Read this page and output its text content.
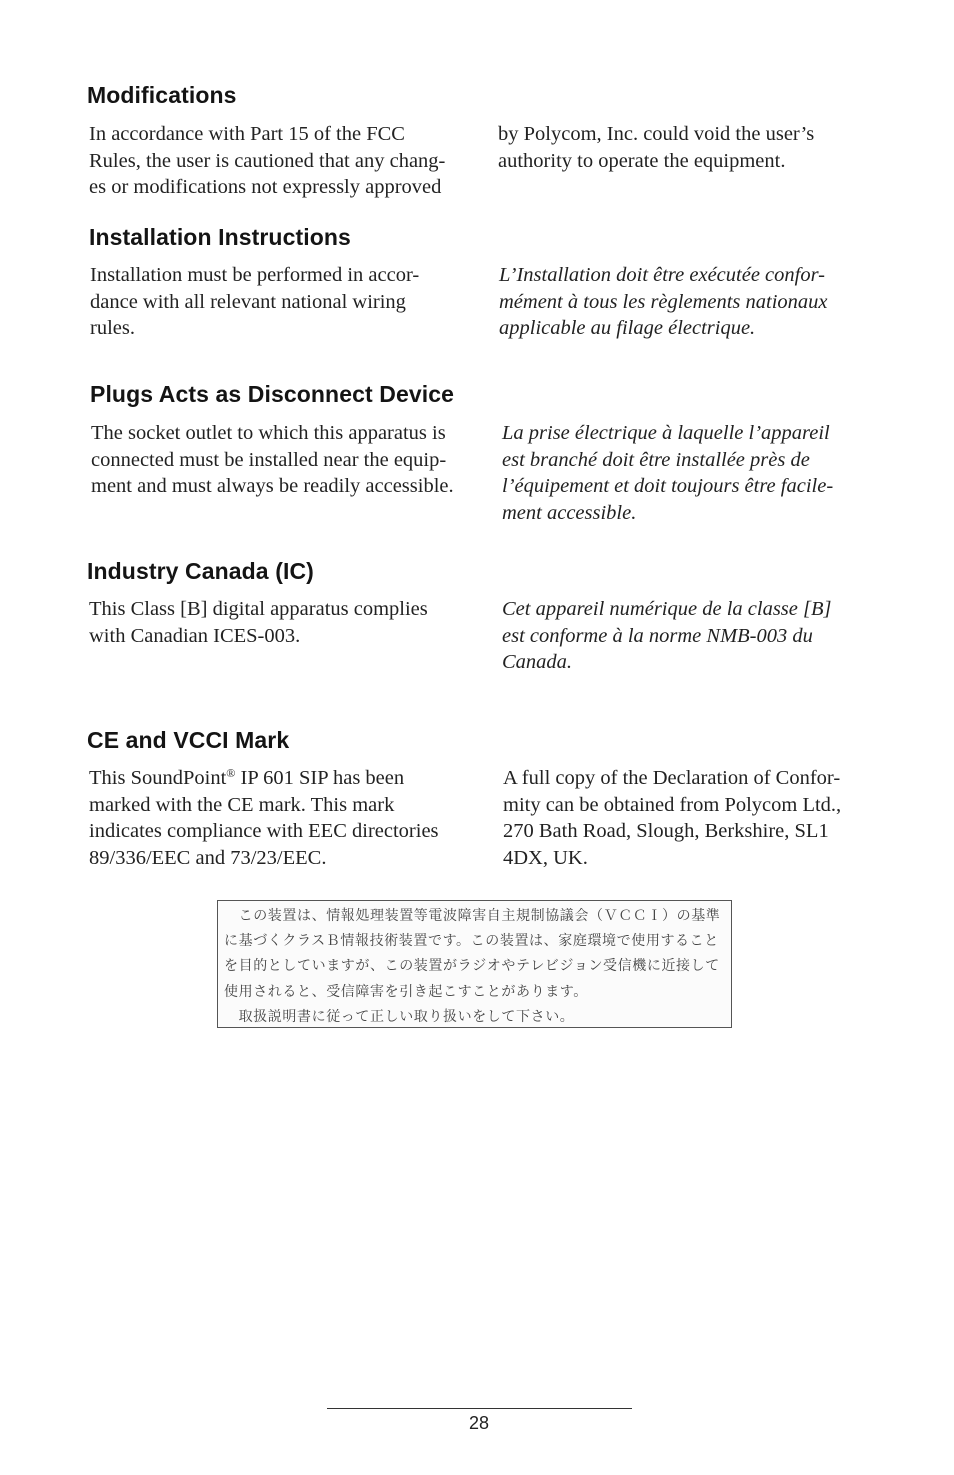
Modifications
In accordance with Part 15 of the FCC
Rules, the user is cautioned that any chang-
es or modifications not expressly approved
by Polycom, Inc. could void the user’s
authority to operate the equipment.
Installation Instructions
Installation must be performed in accor-
dance with all relevant national wiring
rules.
L’Installation doit être exécutée confor-
mément à tous les règlements nationaux
applicable au filage électrique.
Plugs Acts as Disconnect Device
The socket outlet to which this apparatus is
connected must be installed near the equip-
ment and must always be readily accessible.
La prise électrique à laquelle l’appareil
est branché doit être installée près de
l’équipement et doit toujours être facile-
ment accessible.
Industry Canada (IC)
This Class [B] digital apparatus complies
with Canadian ICES-003.
Cet appareil numérique de la classe [B]
est conforme à la norme NMB-003 du
Canada.
CE and VCCI Mark
This SoundPoint® IP 601 SIP has been
marked with the CE mark. This mark
indicates compliance with EEC directories
89/336/EEC and 73/23/EEC.
A full copy of the Declaration of Confor-
mity can be obtained from Polycom Ltd.,
270 Bath Road, Slough, Berkshire, SL1
4DX, UK.
　この装置は、情報処理装置等電波障害自主規制協議会（ＶＣＣＩ）の基準
に基づくクラスＢ情報技術装置です。この装置は、家庭環境で使用すること
を目的としていますが、この装置がラジオやテレビジョン受信機に近接して
使用されると、受信障害を引き起こすことがあります。
　取扱説明書に従って正しい取り扱いをして下さい。
28
